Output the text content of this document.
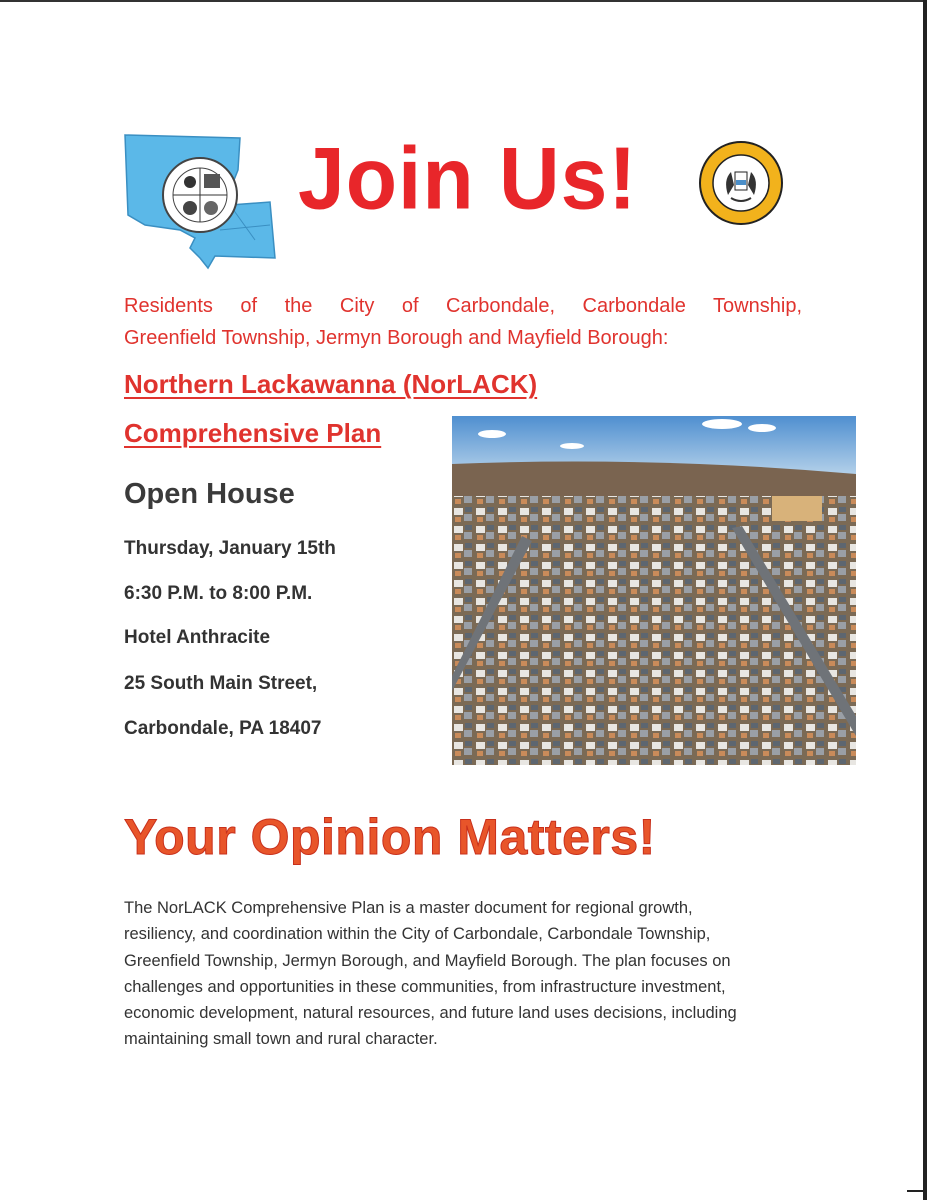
Join Us!
Residents of the City of Carbondale, Carbondale Township,
Greenfield Township, Jermyn Borough and Mayfield Borough:
Northern Lackawanna (NorLACK)
Comprehensive Plan
Open House
Thursday, January 15th
6:30 P.M. to 8:00 P.M.
Hotel Anthracite
25 South Main Street,
Carbondale, PA 18407
Your Opinion Matters!
The NorLACK Comprehensive Plan is a master document for regional growth, resiliency, and coordination within the City of Carbondale, Carbondale Township, Greenfield Township, Jermyn Borough, and Mayfield Borough. The plan focuses on challenges and opportunities in these communities, from infrastructure investment, economic development, natural resources, and future land uses decisions, including maintaining small town and rural character.
